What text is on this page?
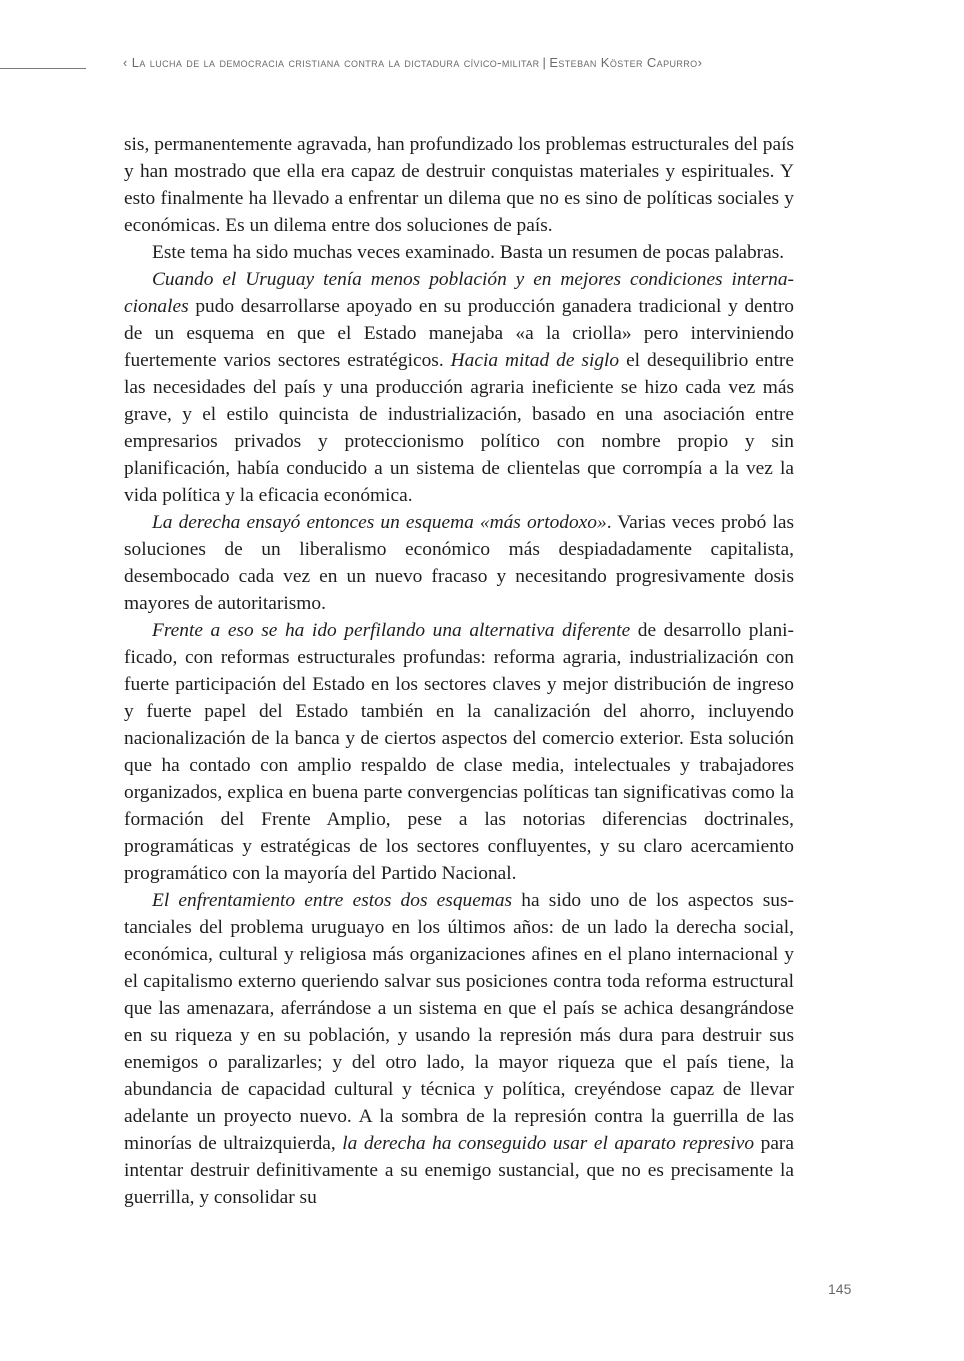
‹ La lucha de la democracia cristiana contra la dictadura cívico-militar | Esteban Köster Capurro›

sis, permanentemente agravada, han profundizado los problemas estructurales del país y han mostrado que ella era capaz de destruir conquistas materiales y espirituales. Y esto finalmente ha llevado a enfrentar un dilema que no es sino de políticas sociales y económicas. Es un dilema entre dos soluciones de país.

Este tema ha sido muchas veces examinado. Basta un resumen de pocas palabras.

Cuando el Uruguay tenía menos población y en mejores condiciones internacionales pudo desarrollarse apoyado en su producción ganadera tradicional y dentro de un esquema en que el Estado manejaba «a la criolla» pero interviniendo fuertemente varios sectores estratégicos. Hacia mitad de siglo el desequilibrio entre las necesidades del país y una producción agraria ineficiente se hizo cada vez más grave, y el estilo quincista de industrialización, basado en una asociación entre empresarios privados y proteccionismo político con nombre propio y sin planificación, había conducido a un sistema de clientelas que corrompía a la vez la vida política y la eficacia económica.

La derecha ensayó entonces un esquema «más ortodoxo». Varias veces probó las soluciones de un liberalismo económico más despiadadamente capitalista, desembocado cada vez en un nuevo fracaso y necesitando progresivamente dosis mayores de autoritarismo.

Frente a eso se ha ido perfilando una alternativa diferente de desarrollo planificado, con reformas estructurales profundas: reforma agraria, industrialización con fuerte participación del Estado en los sectores claves y mejor distribución de ingreso y fuerte papel del Estado también en la canalización del ahorro, incluyendo nacionalización de la banca y de ciertos aspectos del comercio exterior. Esta solución que ha contado con amplio respaldo de clase media, intelectuales y trabajadores organizados, explica en buena parte convergencias políticas tan significativas como la formación del Frente Amplio, pese a las notorias diferencias doctrinales, programáticas y estratégicas de los sectores confluyentes, y su claro acercamiento programático con la mayoría del Partido Nacional.

El enfrentamiento entre estos dos esquemas ha sido uno de los aspectos sustanciales del problema uruguayo en los últimos años: de un lado la derecha social, económica, cultural y religiosa más organizaciones afines en el plano internacional y el capitalismo externo queriendo salvar sus posiciones contra toda reforma estructural que las amenazara, aferrándose a un sistema en que el país se achica desangrándose en su riqueza y en su población, y usando la represión más dura para destruir sus enemigos o paralizarles; y del otro lado, la mayor riqueza que el país tiene, la abundancia de capacidad cultural y técnica y política, creyéndose capaz de llevar adelante un proyecto nuevo. A la sombra de la represión contra la guerrilla de las minorías de ultraizquierda, la derecha ha conseguido usar el aparato represivo para intentar destruir definitivamente a su enemigo sustancial, que no es precisamente la guerrilla, y consolidar su

145
